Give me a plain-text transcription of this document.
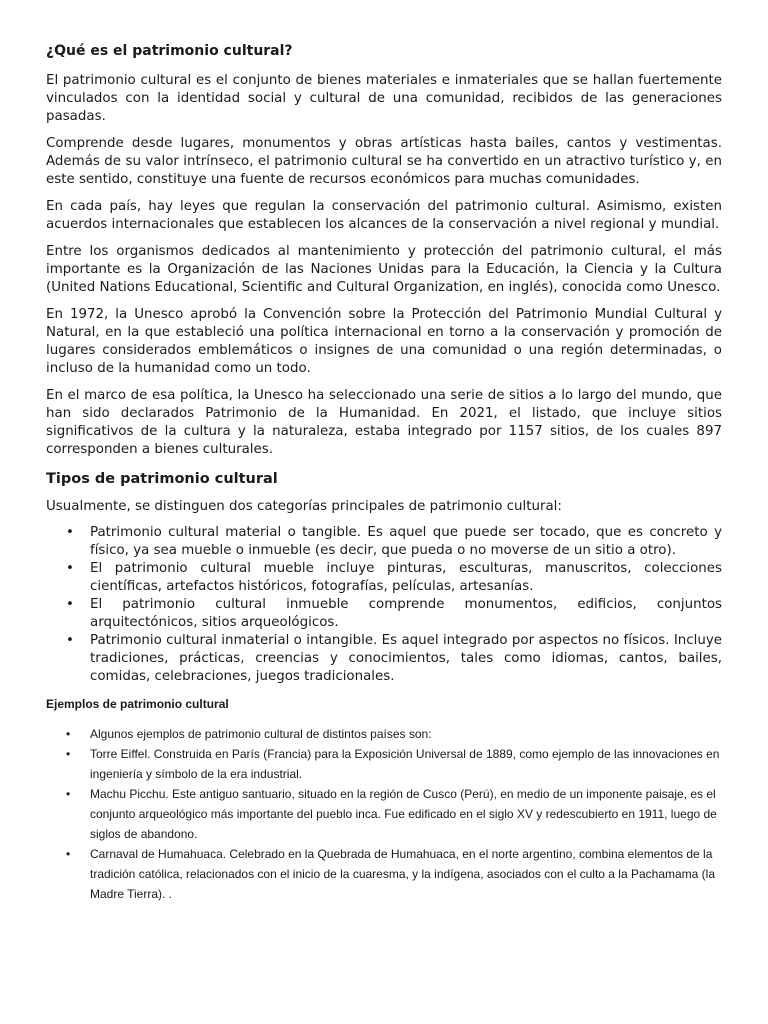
¿Qué es el patrimonio cultural?

El patrimonio cultural es el conjunto de bienes materiales e inmateriales que se hallan fuertemente vinculados con la identidad social y cultural de una comunidad, recibidos de las generaciones pasadas.

Comprende desde lugares, monumentos y obras artísticas hasta bailes, cantos y vestimentas. Además de su valor intrínseco, el patrimonio cultural se ha convertido en un atractivo turístico y, en este sentido, constituye una fuente de recursos económicos para muchas comunidades.

En cada país, hay leyes que regulan la conservación del patrimonio cultural. Asimismo, existen acuerdos internacionales que establecen los alcances de la conservación a nivel regional y mundial.

Entre los organismos dedicados al mantenimiento y protección del patrimonio cultural, el más importante es la Organización de las Naciones Unidas para la Educación, la Ciencia y la Cultura (United Nations Educational, Scientific and Cultural Organization, en inglés), conocida como Unesco.

En 1972, la Unesco aprobó la Convención sobre la Protección del Patrimonio Mundial Cultural y Natural, en la que estableció una política internacional en torno a la conservación y promoción de lugares considerados emblemáticos o insignes de una comunidad o una región determinadas, o incluso de la humanidad como un todo.

En el marco de esa política, la Unesco ha seleccionado una serie de sitios a lo largo del mundo, que han sido declarados Patrimonio de la Humanidad. En 2021, el listado, que incluye sitios significativos de la cultura y la naturaleza, estaba integrado por 1157 sitios, de los cuales 897 corresponden a bienes culturales.

Tipos de patrimonio cultural

Usualmente, se distinguen dos categorías principales de patrimonio cultural:

• Patrimonio cultural material o tangible. Es aquel que puede ser tocado, que es concreto y físico, ya sea mueble o inmueble (es decir, que pueda o no moverse de un sitio a otro).
• El patrimonio cultural mueble incluye pinturas, esculturas, manuscritos, colecciones científicas, artefactos históricos, fotografías, películas, artesanías.
• El patrimonio cultural inmueble comprende monumentos, edificios, conjuntos arquitectónicos, sitios arqueológicos.
• Patrimonio cultural inmaterial o intangible. Es aquel integrado por aspectos no físicos. Incluye tradiciones, prácticas, creencias y conocimientos, tales como idiomas, cantos, bailes, comidas, celebraciones, juegos tradicionales.
Ejemplos de patrimonio cultural
• Algunos ejemplos de patrimonio cultural de distintos países son:
• Torre Eiffel. Construida en París (Francia) para la Exposición Universal de 1889, como ejemplo de las innovaciones en ingeniería y símbolo de la era industrial.
• Machu Picchu. Este antiguo santuario, situado en la región de Cusco (Perú), en medio de un imponente paisaje, es el conjunto arqueológico más importante del pueblo inca. Fue edificado en el siglo XV y redescubierto en 1911, luego de siglos de abandono.
• Carnaval de Humahuaca. Celebrado en la Quebrada de Humahuaca, en el norte argentino, combina elementos de la tradición católica, relacionados con el inicio de la cuaresma, y la indígena, asociados con el culto a la Pachamama (la Madre Tierra). .
